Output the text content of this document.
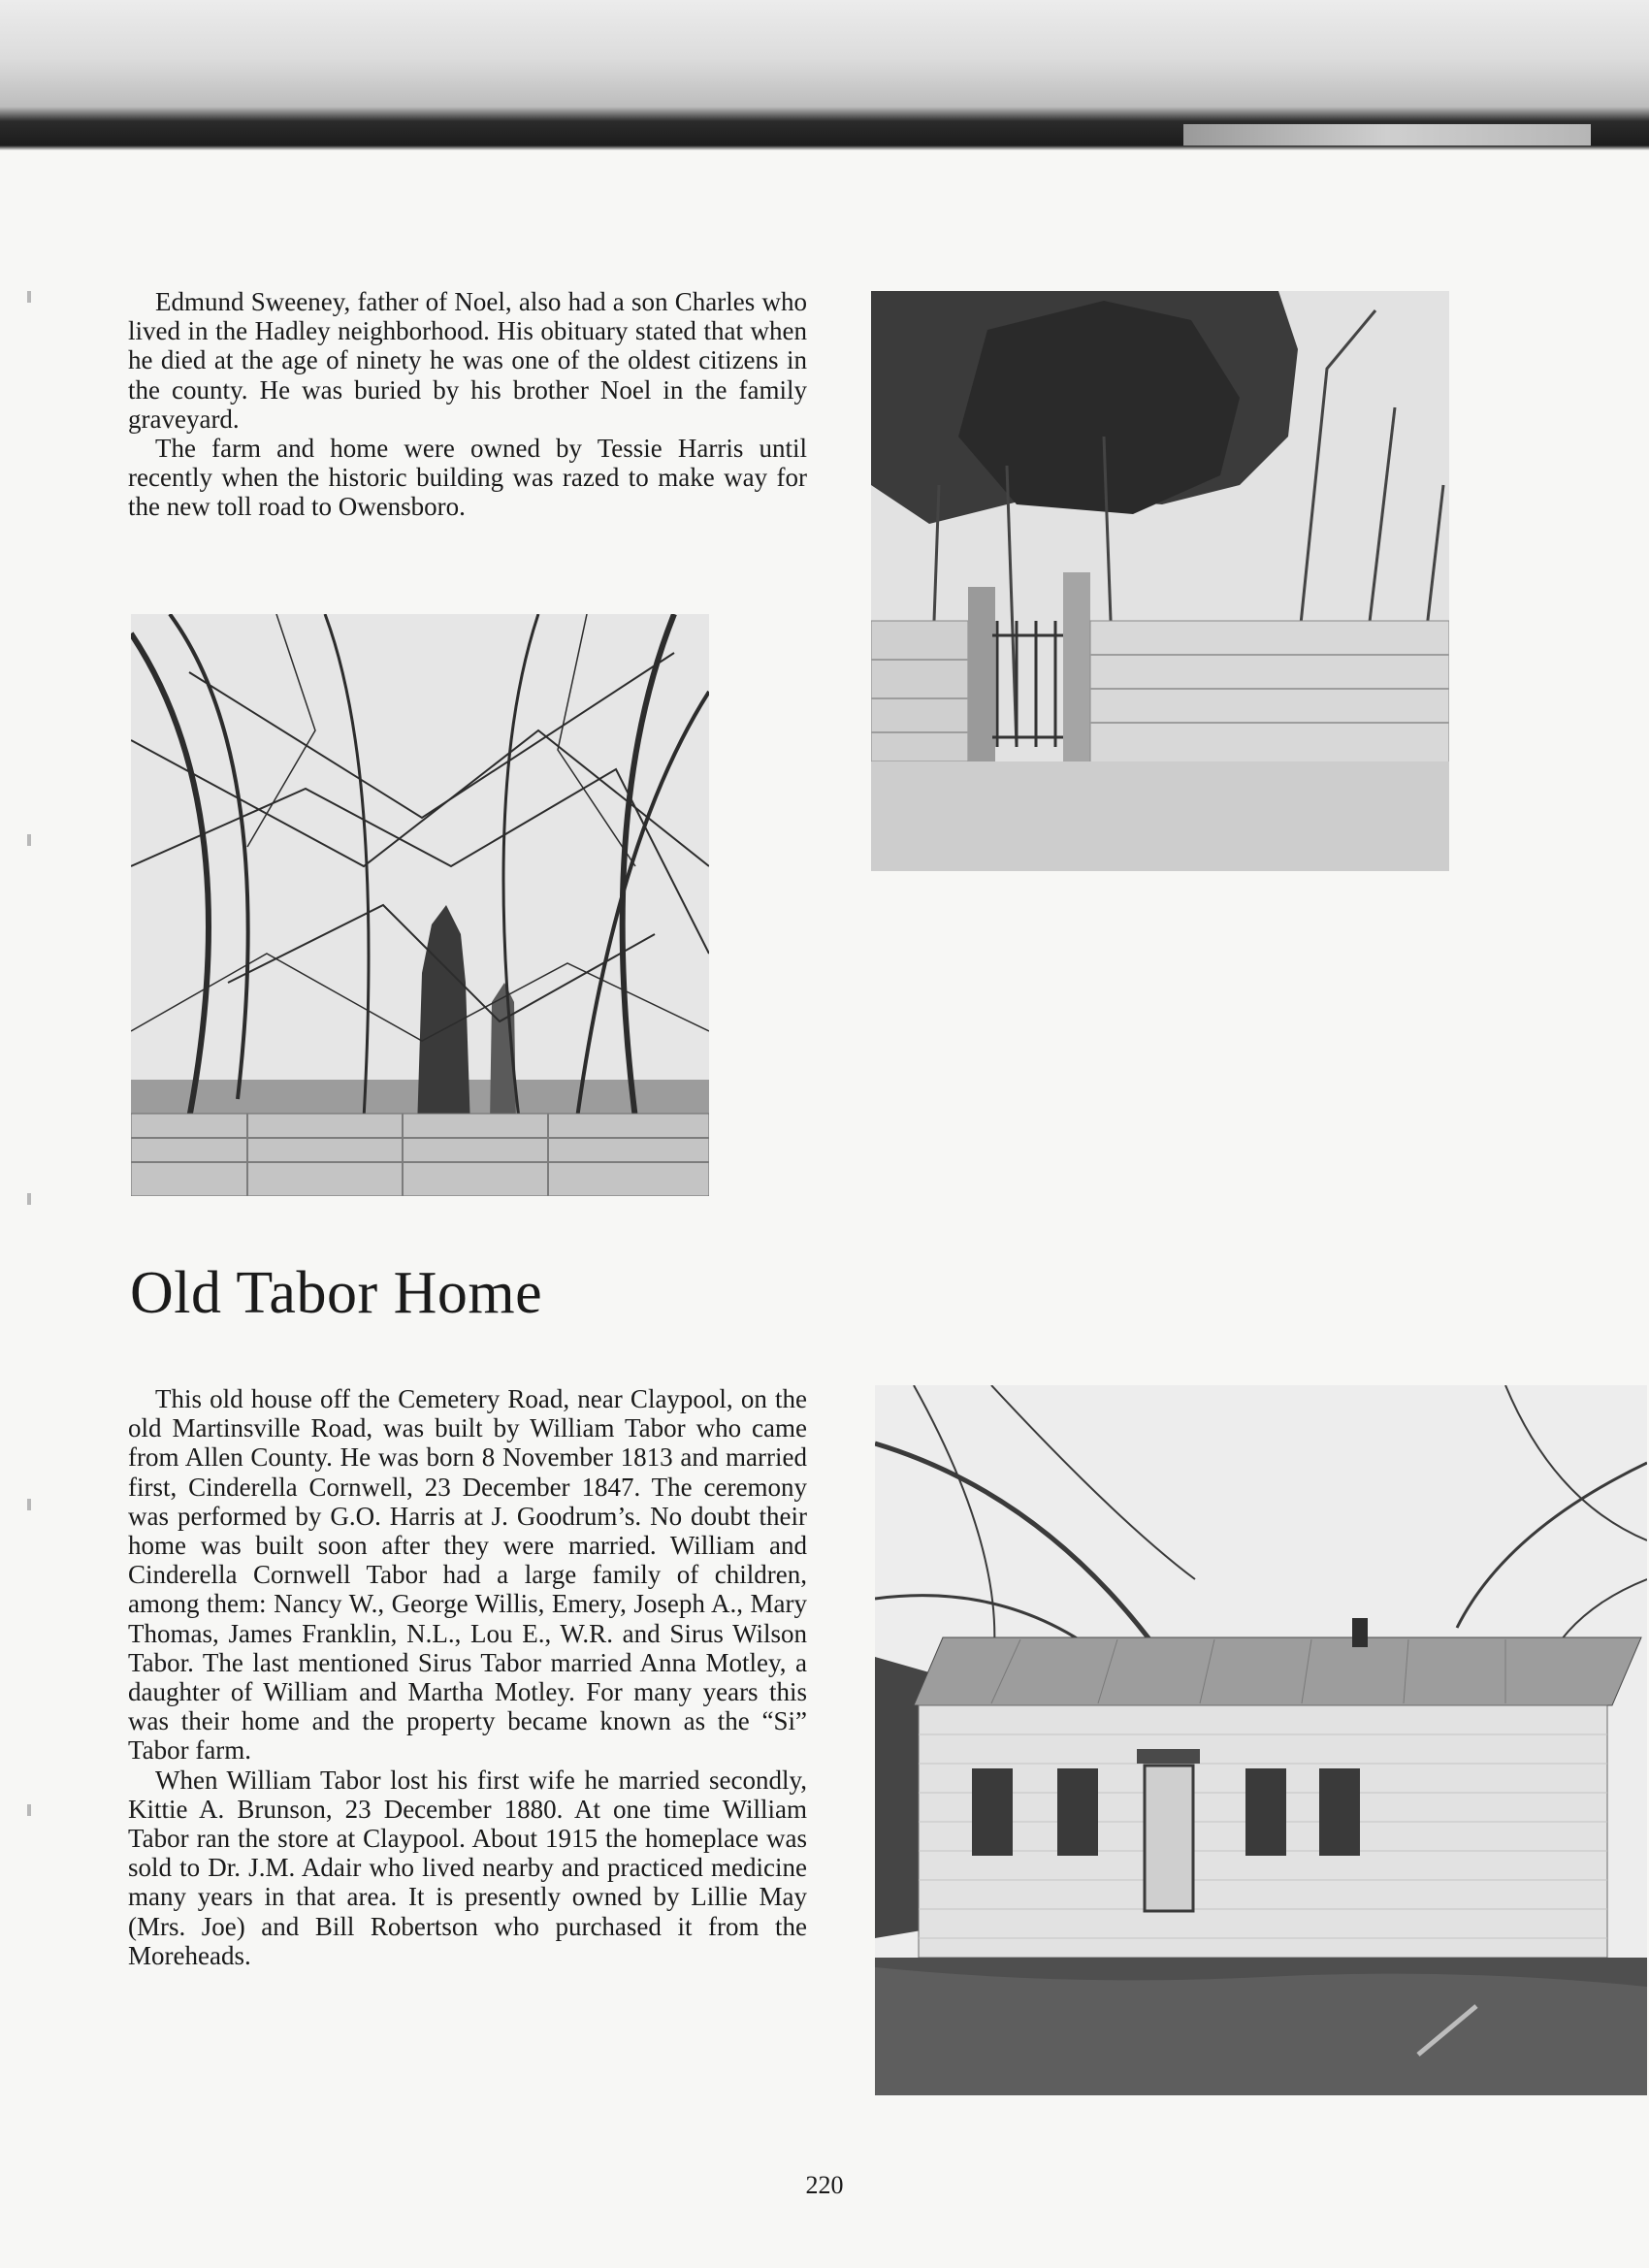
Edmund Sweeney, father of Noel, also had a son Charles who lived in the Hadley neighborhood. His obituary stated that when he died at the age of ninety he was one of the oldest citizens in the county. He was buried by his brother Noel in the family graveyard.

The farm and home were owned by Tessie Harris until recently when the historic building was razed to make way for the new toll road to Owensboro.

Old Tabor Home

This old house off the Cemetery Road, near Claypool, on the old Martinsville Road, was built by William Tabor who came from Allen County. He was born 8 November 1813 and married first, Cinderella Cornwell, 23 December 1847. The ceremony was performed by G.O. Harris at J. Goodrum’s. No doubt their home was built soon after they were married. William and Cinderella Cornwell Tabor had a large family of children, among them: Nancy W., George Willis, Emery, Joseph A., Mary Thomas, James Franklin, N.L., Lou E., W.R. and Sirus Wilson Tabor. The last mentioned Sirus Tabor married Anna Motley, a daughter of William and Martha Motley. For many years this was their home and the property became known as the “Si” Tabor farm.

When William Tabor lost his first wife he married secondly, Kittie A. Brunson, 23 December 1880. At one time William Tabor ran the store at Claypool. About 1915 the homeplace was sold to Dr. J.M. Adair who lived nearby and practiced medicine many years in that area. It is presently owned by Lillie May (Mrs. Joe) and Bill Robertson who purchased it from the Moreheads.

220
